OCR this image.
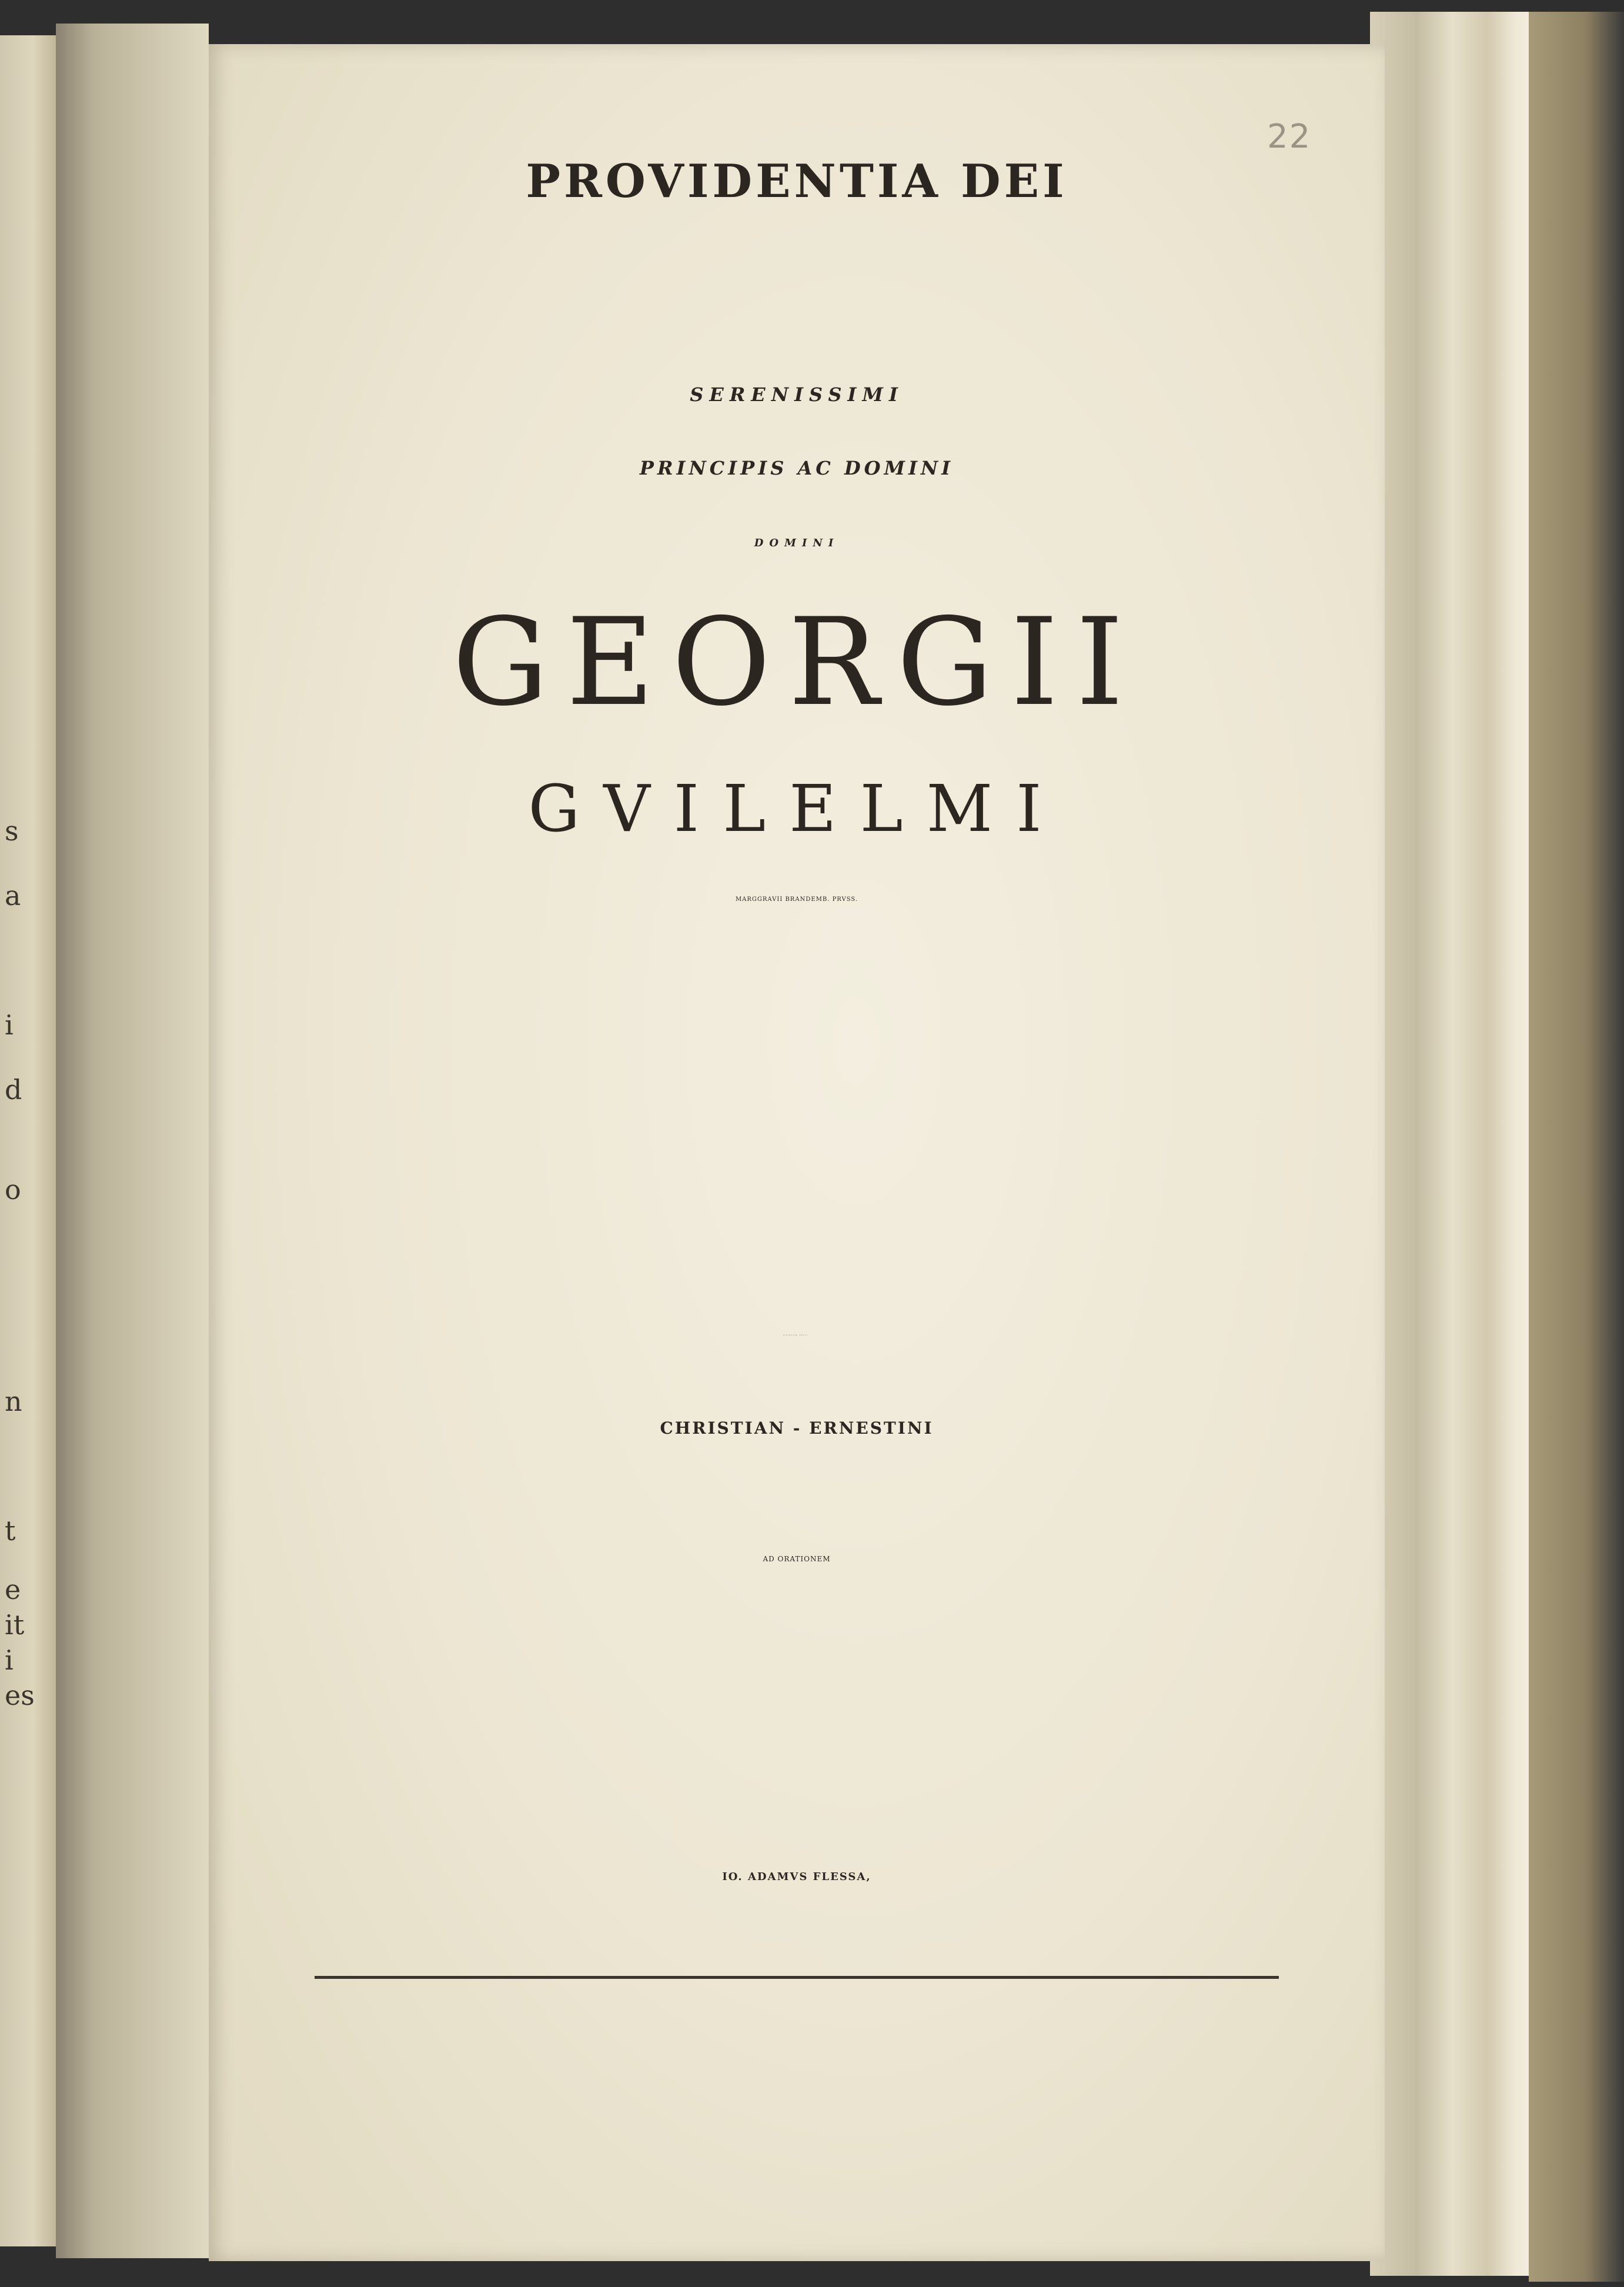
s
a
i
d
o
n
t
e
it
i
es
22
PROVIDENTIA DEI
SERENISSIMI
PRINCIPIS AC DOMINI
DOMINI
GEORGII
GVILELMI
MARGGRAVII BRANDEMB. PRVSS.
NATALEM LXIII.
CHRISTIAN - ERNESTINI
AD ORATIONEM
IO. ADAMVS FLESSA,
